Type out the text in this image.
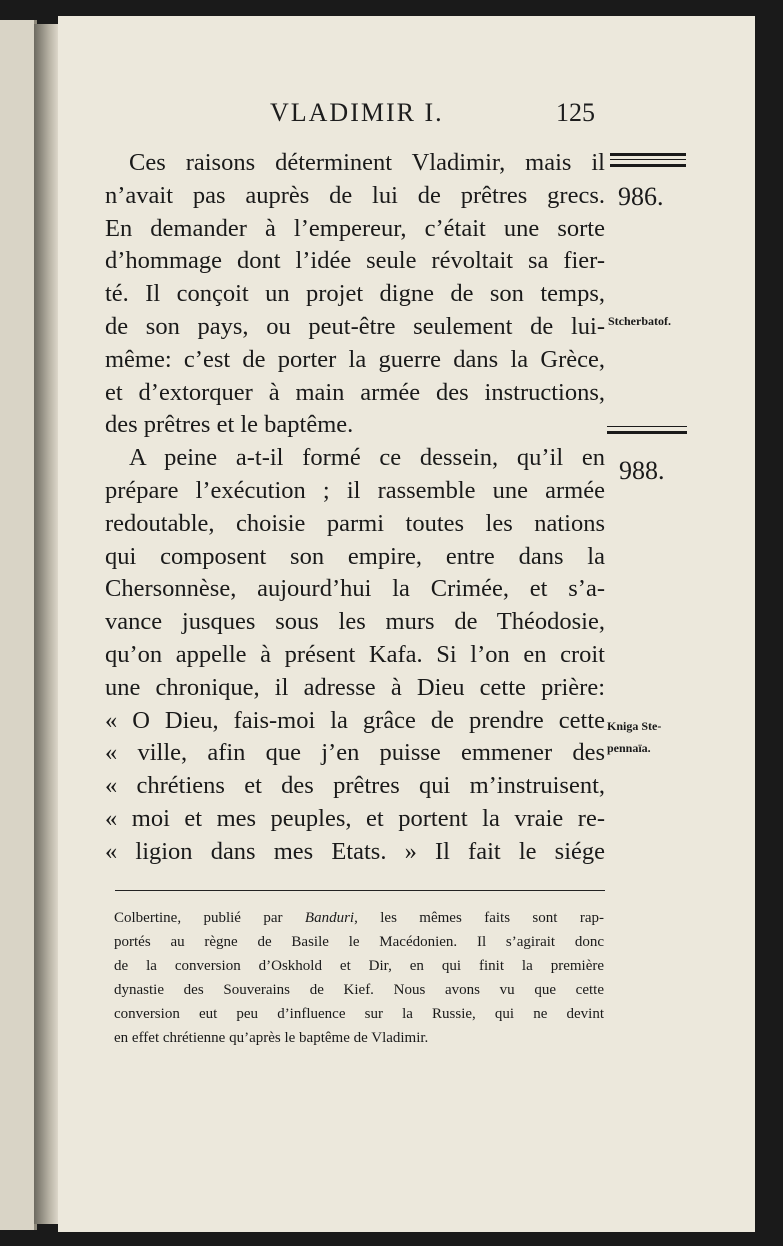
VLADIMIR I.	125
Ces raisons déterminent Vladimir, mais il
n’avait pas auprès de lui de prêtres grecs.
En demander à l’empereur, c’était une sorte
d’hommage dont l’idée seule révoltait sa fier-
té. Il conçoit un projet digne de son temps,
de son pays, ou peut-être seulement de lui-
même: c’est de porter la guerre dans la Grèce,
et d’extorquer à main armée des instructions,
des prêtres et le baptême.
A peine a-t-il formé ce dessein, qu’il en
prépare l’exécution ; il rassemble une armée
redoutable, choisie parmi toutes les nations
qui composent son empire, entre dans la
Chersonnèse, aujourd’hui la Crimée, et s’a-
vance jusques sous les murs de Théodosie,
qu’on appelle à présent Kafa. Si l’on en croit
une chronique, il adresse à Dieu cette prière:
« O Dieu, fais-moi la grâce de prendre cette
« ville, afin que j’en puisse emmener des
« chrétiens et des prêtres qui m’instruisent,
« moi et mes peuples, et portent la vraie re-
« ligion dans mes Etats. » Il fait le siége
986.
Stcherbatof.
988.
Kniga Ste-
pennaïa.
Colbertine, publié par Banduri, les mêmes faits sont rap-
portés au règne de Basile le Macédonien. Il s’agirait donc
de la conversion d’Oskhold et Dir, en qui finit la première
dynastie des Souverains de Kief. Nous avons vu que cette
conversion eut peu d’influence sur la Russie, qui ne devint
en effet chrétienne qu’après le baptême de Vladimir.
